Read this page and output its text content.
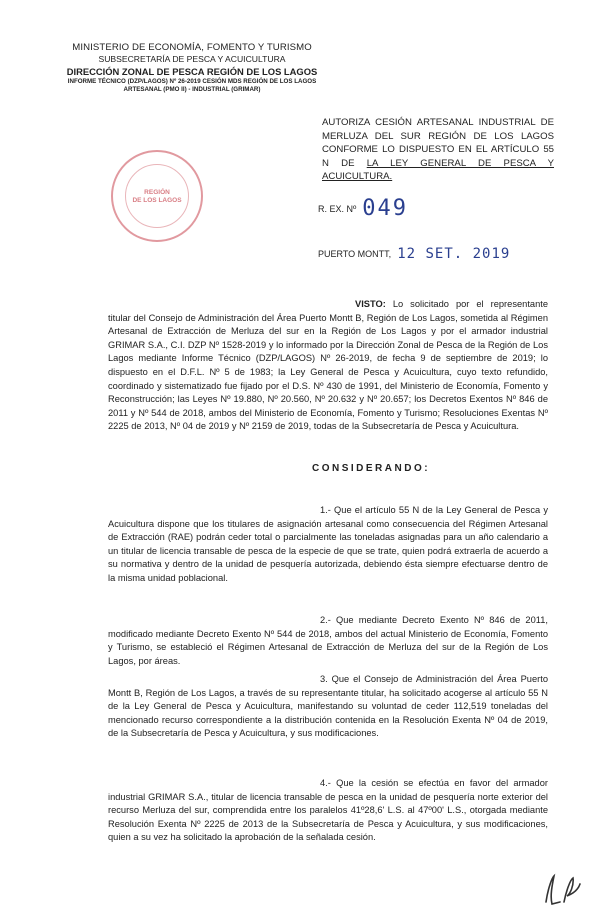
MINISTERIO DE ECONOMÍA, FOMENTO Y TURISMO
SUBSECRETARÍA DE PESCA Y ACUICULTURA
DIRECCIÓN ZONAL DE PESCA REGIÓN DE LOS LAGOS
INFORME TÉCNICO (DZP/LAGOS) Nº 26-2019 CESIÓN MDS REGIÓN DE LOS LAGOS
ARTESANAL (PMO II) - INDUSTRIAL (GRIMAR)
REGIÓN
DE LOS LAGOS
AUTORIZA CESIÓN ARTESANAL INDUSTRIAL DE MERLUZA DEL SUR REGIÓN DE LOS LAGOS CONFORME LO DISPUESTO EN EL ARTÍCULO 55 N DE LA LEY GENERAL DE PESCA Y ACUICULTURA.
R. EX. Nº 049
PUERTO MONTT, 12 SET. 2019
VISTO: Lo solicitado por el representante titular del Consejo de Administración del Área Puerto Montt B, Región de Los Lagos, sometida al Régimen Artesanal de Extracción de Merluza del sur en la Región de Los Lagos y por el armador industrial GRIMAR S.A., C.I. DZP Nº 1528-2019 y lo informado por la Dirección Zonal de Pesca de la Región de Los Lagos mediante Informe Técnico (DZP/LAGOS) Nº 26-2019, de fecha 9 de septiembre de 2019; lo dispuesto en el D.F.L. Nº 5 de 1983; la Ley General de Pesca y Acuicultura, cuyo texto refundido, coordinado y sistematizado fue fijado por el D.S. Nº 430 de 1991, del Ministerio de Economía, Fomento y Reconstrucción; las Leyes Nº 19.880, Nº 20.560, Nº 20.632 y Nº 20.657; los Decretos Exentos Nº 846 de 2011 y Nº 544 de 2018, ambos del Ministerio de Economía, Fomento y Turismo; Resoluciones Exentas Nº 2225 de 2013, Nº 04 de 2019 y Nº 2159 de 2019, todas de la Subsecretaría de Pesca y Acuicultura.
CONSIDERANDO:
1.- Que el artículo 55 N de la Ley General de Pesca y Acuicultura dispone que los titulares de asignación artesanal como consecuencia del Régimen Artesanal de Extracción (RAE) podrán ceder total o parcialmente las toneladas asignadas para un año calendario a un titular de licencia transable de pesca de la especie de que se trate, quien podrá extraerla de acuerdo a su normativa y dentro de la unidad de pesquería autorizada, debiendo ésta siempre efectuarse dentro de la misma unidad poblacional.
2.- Que mediante Decreto Exento Nº 846 de 2011, modificado mediante Decreto Exento Nº 544 de 2018, ambos del actual Ministerio de Economía, Fomento y Turismo, se estableció el Régimen Artesanal de Extracción de Merluza del sur de la Región de Los Lagos, por áreas.
3. Que el Consejo de Administración del Área Puerto Montt B, Región de Los Lagos, a través de su representante titular, ha solicitado acogerse al artículo 55 N de la Ley General de Pesca y Acuicultura, manifestando su voluntad de ceder 112,519 toneladas del mencionado recurso correspondiente a la distribución contenida en la Resolución Exenta Nº 04 de 2019, de la Subsecretaría de Pesca y Acuicultura, y sus modificaciones.
4.- Que la cesión se efectúa en favor del armador industrial GRIMAR S.A., titular de licencia transable de pesca en la unidad de pesquería norte exterior del recurso Merluza del sur, comprendida entre los paralelos 41º28,6' L.S. al 47º00' L.S., otorgada mediante Resolución Exenta Nº 2225 de 2013 de la Subsecretaría de Pesca y Acuicultura, y sus modificaciones, quien a su vez ha solicitado la aprobación de la señalada cesión.
